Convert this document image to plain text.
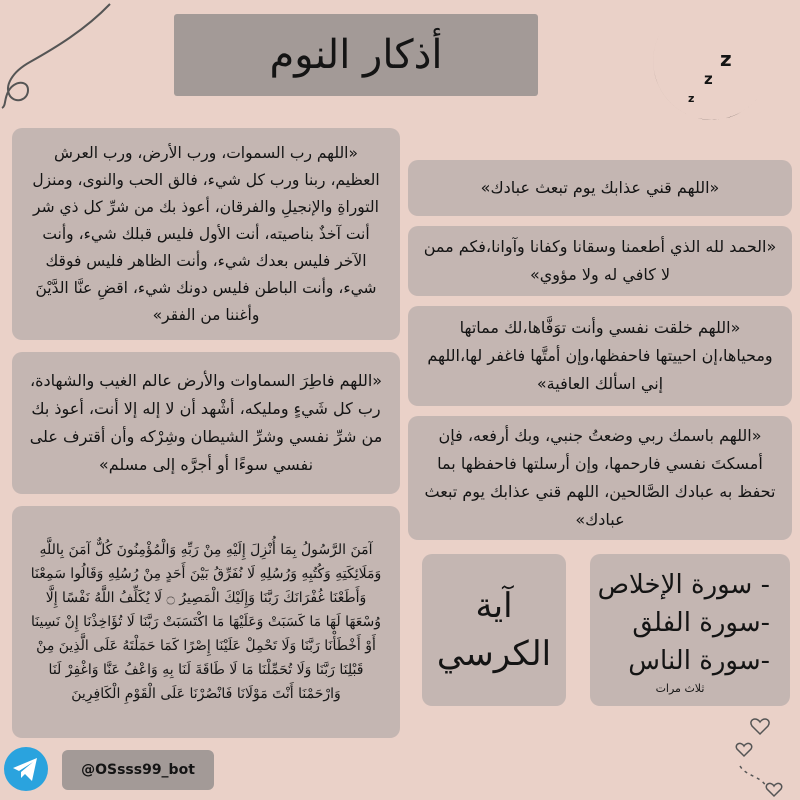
أذكار النوم	z
z
z

«اللهم رب السموات، ورب الأرض، ورب العرش العظيم، ربنا ورب كل شيء، فالق الحب والنوى، ومنزل التوراةِ والإنجيلِ والفرقان، أعوذ بك من شرِّ كل ذي شر أنت آخذٌ بناصيته، أنت الأول فليس قبلك شيء، وأنت الآخر فليس بعدك شيء، وأنت الظاهر فليس فوقك شيء، وأنت الباطن فليس دونك شيء، اقضِ عنَّا الدَّيْنَ وأغننا من الفقر»

«اللهم قني عذابك يوم تبعث عبادك»

«الحمد لله الذي أطعمنا وسقانا وكفانا وآوانا،فكم ممن لا كافي له ولا مؤوي»

«اللهم فاطِرَ السماوات والأرض عالم الغيب والشهادة، رب كل شَيءٍ ومليكه، أشْهد أن لا إله إلا أنت، أعوذ بك من شرِّ نفسي وشرِّ الشيطان وشِرْكه وأن أقترف على نفسي سوءًا أو أجرَّه إلى مسلم»

«اللهم خلقت نفسي وأنت توَفَّاها،لك مماتها ومحياها،إن احييتها فاحفظها،وإن أمتَّها فاغفر لها،اللهم إني اسألك العافية»

«اللهم باسمك ربي وضعتُ جنبي، وبك أرفعه، فإن أمسكتَ نفسي فارحمها، وإن أرسلتها فاحفظها بما تحفظ به عبادك الصَّالحين، اللهم قني عذابك يوم تبعث عبادك»

آمَنَ الرَّسُولُ بِمَا أُنْزِلَ إِلَيْهِ مِنْ رَبِّهِ وَالْمُؤْمِنُونَ كُلٌّ آمَنَ بِاللَّهِ وَمَلَائِكَتِهِ وَكُتُبِهِ وَرُسُلِهِ لَا نُفَرِّقُ بَيْنَ أَحَدٍ مِنْ رُسُلِهِ وَقَالُوا سَمِعْنَا وَأَطَعْنَا غُفْرَانَكَ رَبَّنَا وَإِلَيْكَ الْمَصِيرُ ۝ لَا يُكَلِّفُ اللَّهُ نَفْسًا إِلَّا وُسْعَهَا لَهَا مَا كَسَبَتْ وَعَلَيْهَا مَا اكْتَسَبَتْ رَبَّنَا لَا تُؤَاخِذْنَا إِنْ نَسِينَا أَوْ أَخْطَأْنَا رَبَّنَا وَلَا تَحْمِلْ عَلَيْنَا إِصْرًا كَمَا حَمَلْتَهُ عَلَى الَّذِينَ مِنْ قَبْلِنَا رَبَّنَا وَلَا تُحَمِّلْنَا مَا لَا طَاقَةَ لَنَا بِهِ وَاعْفُ عَنَّا وَاغْفِرْ لَنَا وَارْحَمْنَا أَنْتَ مَوْلَانَا فَانْصُرْنَا عَلَى الْقَوْمِ الْكَافِرِينَ

آية

الكرسي

- سورة الإخلاص
-سورة الفلق
-سورة الناس
ثلاث مرات
@OSsss99_bot
